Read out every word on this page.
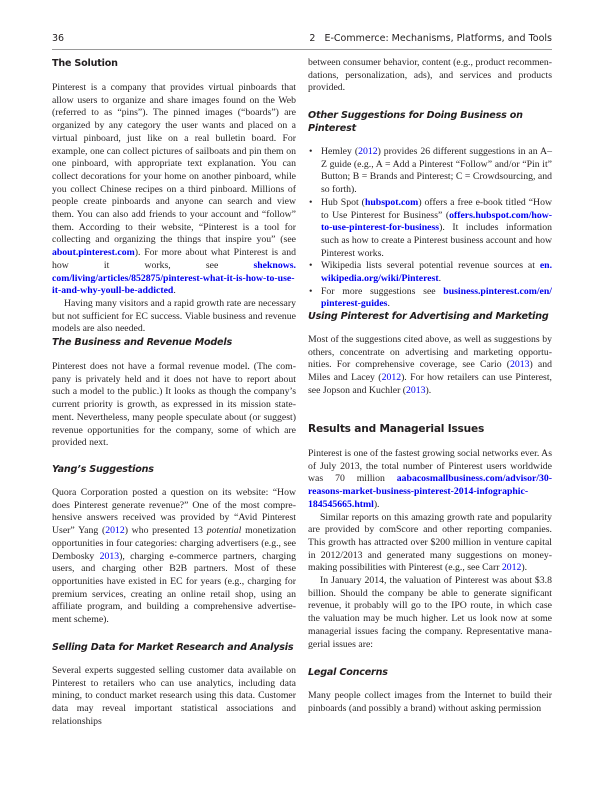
36	2   E-Commerce: Mechanisms, Platforms, and Tools
The Solution

Pinterest is a company that provides virtual pinboards that allow users to organize and share images found on the Web (referred to as “pins”). The pinned images (“boards”) are organized by any category the user wants and placed on a virtual pinboard, just like on a real bulletin board. For example, one can collect pictures of sailboats and pin them on one pinboard, with appropriate text explanation. You can collect decorations for your home on another pinboard, while you collect Chinese recipes on a third pinboard. Millions of people create pinboards and anyone can search and view them. You can also add friends to your account and “follow” them. According to their website, “Pinterest is a tool for collecting and organizing the things that inspire you” (see about.pinterest.com). For more about what Pinterest is and how it works, see sheknows.​com/living/articles/852875/pinterest-what-it-is-how-​to-use-it-and-why-youll-be-addicted.

Having many visitors and a rapid growth rate are necessary but not sufficient for EC success. Viable business and revenue models are also needed.

The Business and Revenue Models

Pinterest does not have a formal revenue model. (The company is privately held and it does not have to report about such a model to the public.) It looks as though the company’s current priority is growth, as expressed in its mission statement. Nevertheless, many people speculate about (or suggest) revenue opportunities for the company, some of which are provided next.

Yang’s Suggestions

Quora Corporation posted a question on its website: “How does Pinterest generate revenue?” One of the most comprehensive answers received was provided by “Avid Pinterest User” Yang (2012) who presented 13 potential monetization opportunities in four categories: charging advertisers (e.g., see Dembosky 2013), charging e-commerce partners, charging users, and charging other B2B partners. Most of these opportunities have existed in EC for years (e.g., charging for premium services, creating an online retail shop, using an affiliate program, and building a comprehensive advertisement scheme).

Selling Data for Market Research and Analysis

Several experts suggested selling customer data available on Pinterest to retailers who can use analytics, including data mining, to conduct market research using this data. Customer data may reveal important statistical associations and relationships

between consumer behavior, content (e.g., product recommendations, personalization, ads), and services and products provided.

Other Suggestions for Doing Business on Pinterest
• Hemley (2012) provides 26 different suggestions in an A–Z guide (e.g., A = Add a Pinterest “Follow” and/or “Pin it” Button; B = Brands and Pinterest; C = Crowdsourcing, and so forth).
• Hub Spot (hubspot.com) offers a free e-book titled “How to Use Pinterest for Business” (offers.hubspot.com/how-​to-use-pinterest-for-business). It includes information such as how to create a Pinterest business account and how Pinterest works.
• Wikipedia lists several potential revenue sources at en.​wikipedia.org/wiki/Pinterest.
• For more suggestions see business.pinterest.com/en/​pinterest-guides.
Using Pinterest for Advertising and Marketing

Most of the suggestions cited above, as well as suggestions by others, concentrate on advertising and marketing opportunities. For comprehensive coverage, see Cario (2013) and Miles and Lacey (2012). For how retailers can use Pinterest, see Jopson and Kuchler (2013).

Results and Managerial Issues

Pinterest is one of the fastest growing social networks ever. As of July 2013, the total number of Pinterest users worldwide was 70 million aabacosmallbusiness.com/advisor/​30-reasons-market-business-pinterest-2014-infographic-​184545665.html).

Similar reports on this amazing growth rate and popularity are provided by comScore and other reporting companies. This growth has attracted over $200 million in venture capital in 2012/2013 and generated many suggestions on money-​making possibilities with Pinterest (e.g., see Carr 2012).

In January 2014, the valuation of Pinterest was about $3.8 billion. Should the company be able to generate significant revenue, it probably will go to the IPO route, in which case the valuation may be much higher. Let us look now at some managerial issues facing the company. Representative managerial issues are:

Legal Concerns

Many people collect images from the Internet to build their pinboards (and possibly a brand) without asking permission
